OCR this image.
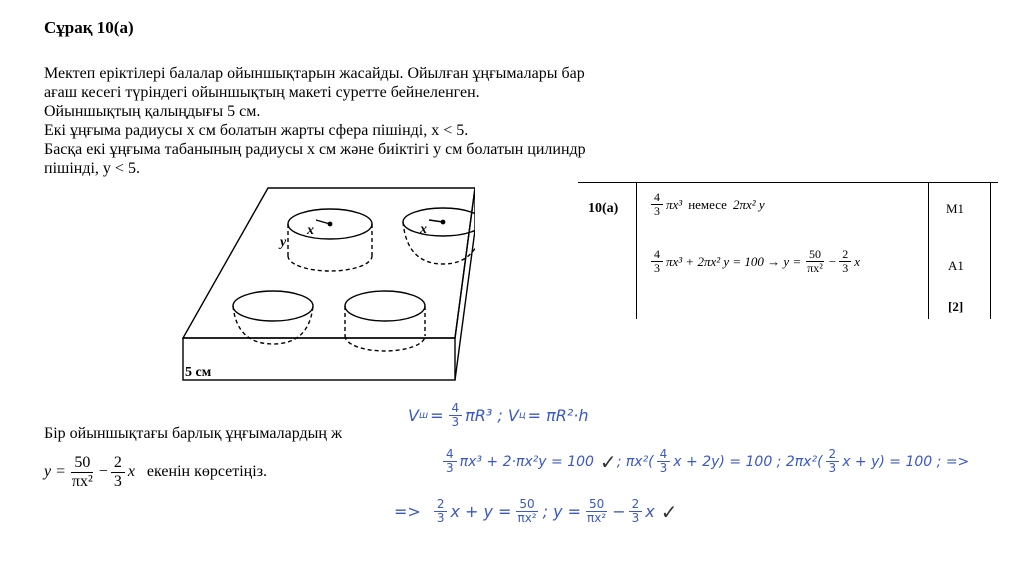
Сұрақ 10(a)
Мектеп еріктілері балалар ойыншықтарын жасайды. Ойылған ұңғымалары бар
ағаш кесегі түріндегі ойыншықтың макеті суретте бейнеленген.
Ойыншықтың қалыңдығы 5 см.
Екі ұңғыма радиусы x см болатын жарты сфера пішінді, x < 5.
Басқа екі ұңғыма табанының радиусы x см және биіктігі y см болатын цилиндр
пішінді, y < 5.
x	x
y
5 см
10(a)	$\frac{4}{3} \pi x^3$ немесе 2πx² y
$\frac{4}{3} \pi x^3 + 2\pi x^2$ $y = 100 \to y = \frac{50}{\text{πx²}} - \frac{2}{3}$ x
M1
A1
[2]
Бір ойыншықтағы барлық ұңғымалардың ж
$y = \frac{50}{\text{πx²}} - \frac{2}{3}$ x екенін көрсетіңіз.
V $ш = \frac{4}{3} \pi R^3$ ; V ц = πR²·h
$\frac{4}{3} \pi x^3 + 2\cdot\pi x^2y = 100$ ✓ ; $\pi x^2( \frac{4}{3}$ x + 2y) = 100 ; $2\pi x^2( \frac{2}{3}$ x + y) = 100 ; =>
=> $\frac{2}{3}$ $x + y = \frac{50}{\text{πx²}}$ ; $y = \frac{50}{\text{πx²}} - \frac{2}{3}$ x ✓
